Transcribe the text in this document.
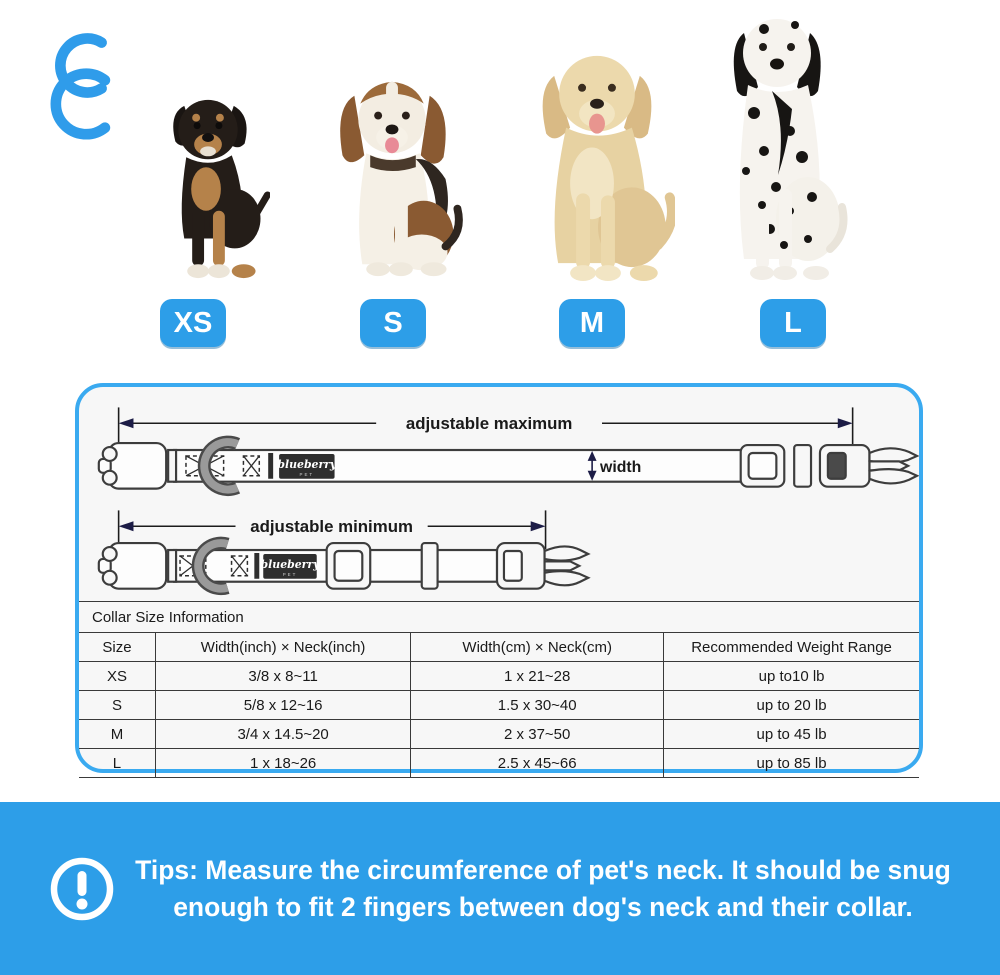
XS	S	M	L
adjustable maximum
blueberry
PET	width
adjustable minimum
blueberry
PET
Collar Size Information			
Size	Width(inch) × Neck(inch)	Width(cm) × Neck(cm)	Recommended Weight Range
XS	3/8 x 8~11	1 x 21~28	up to10 lb
S	5/8 x 12~16	1.5 x 30~40	up to 20 lb
M	3/4 x 14.5~20	2 x 37~50	up to 45 lb
L	1 x 18~26	2.5 x 45~66	up to 85 lb
Tips: Measure the circumference of pet's neck. It should be snug
enough to fit 2 fingers between dog's neck and their collar.
